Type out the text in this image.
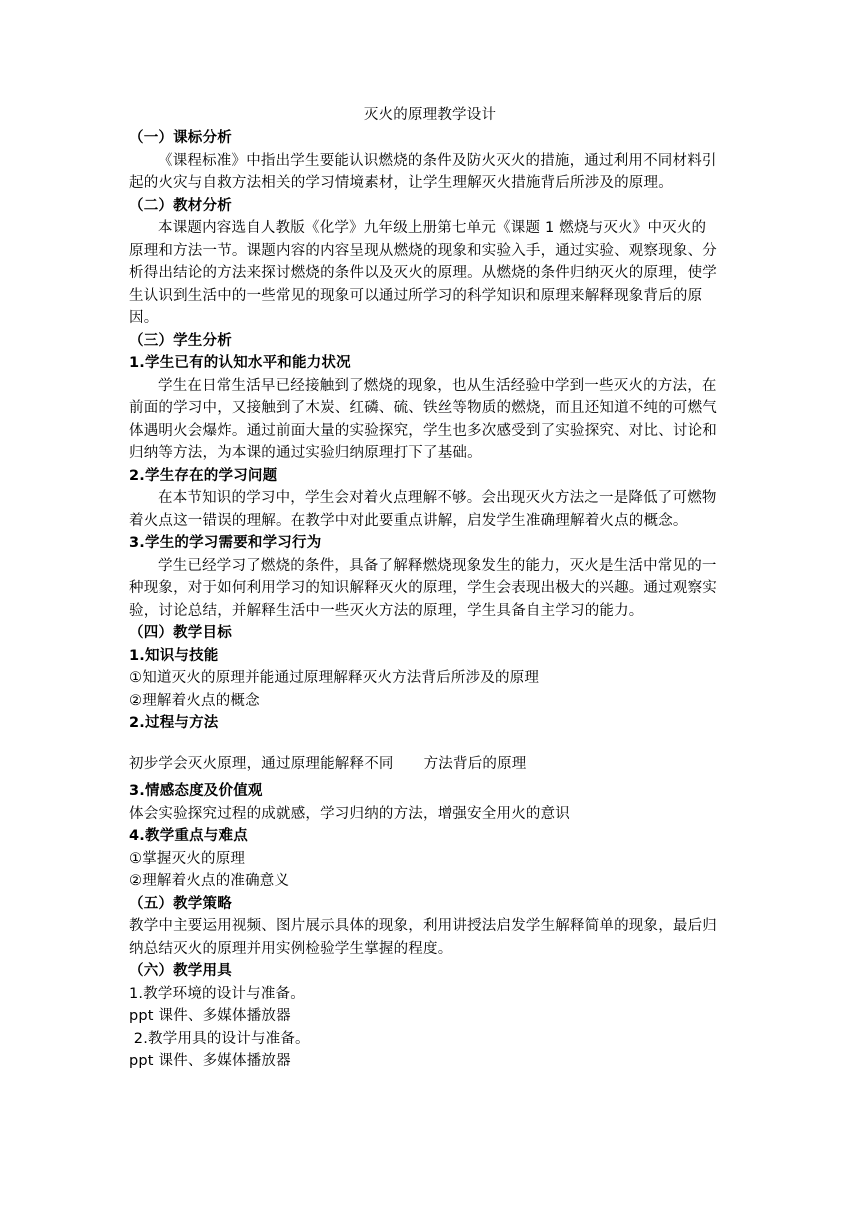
灭火的原理教学设计
（一）课标分析
《课程标准》中指出学生要能认识燃烧的条件及防火灭火的措施，通过利用不同材料引
起的火灾与自救方法相关的学习情境素材，让学生理解灭火措施背后所涉及的原理。
（二）教材分析
本课题内容选自人教版《化学》九年级上册第七单元《课题 1 燃烧与灭火》中灭火的
原理和方法一节。课题内容的内容呈现从燃烧的现象和实验入手，通过实验、观察现象、分
析得出结论的方法来探讨燃烧的条件以及灭火的原理。从燃烧的条件归纳灭火的原理，使学
生认识到生活中的一些常见的现象可以通过所学习的科学知识和原理来解释现象背后的原
因。
（三）学生分析
1.学生已有的认知水平和能力状况
学生在日常生活早已经接触到了燃烧的现象，也从生活经验中学到一些灭火的方法，在
前面的学习中，又接触到了木炭、红磷、硫、铁丝等物质的燃烧，而且还知道不纯的可燃气
体遇明火会爆炸。通过前面大量的实验探究，学生也多次感受到了实验探究、对比、讨论和
归纳等方法，为本课的通过实验归纳原理打下了基础。
2.学生存在的学习问题
在本节知识的学习中，学生会对着火点理解不够。会出现灭火方法之一是降低了可燃物
着火点这一错误的理解。在教学中对此要重点讲解，启发学生准确理解着火点的概念。
3.学生的学习需要和学习行为
学生已经学习了燃烧的条件，具备了解释燃烧现象发生的能力，灭火是生活中常见的一
种现象，对于如何利用学习的知识解释灭火的原理，学生会表现出极大的兴趣。通过观察实
验，讨论总结，并解释生活中一些灭火方法的原理，学生具备自主学习的能力。
（四）教学目标
1.知识与技能
①知道灭火的原理并能通过原理解释灭火方法背后所涉及的原理
②理解着火点的概念
2.过程与方法
初步学会灭火原理，通过原理能解释不同 方法背后的原理
3.情感态度及价值观
体会实验探究过程的成就感，学习归纳的方法，增强安全用火的意识
4.教学重点与难点
①掌握灭火的原理
②理解着火点的准确意义
（五）教学策略
教学中主要运用视频、图片展示具体的现象，利用讲授法启发学生解释简单的现象，最后归
纳总结灭火的原理并用实例检验学生掌握的程度。
（六）教学用具
1.教学环境的设计与准备。
ppt 课件、多媒体播放器
2.教学用具的设计与准备。
ppt 课件、多媒体播放器
